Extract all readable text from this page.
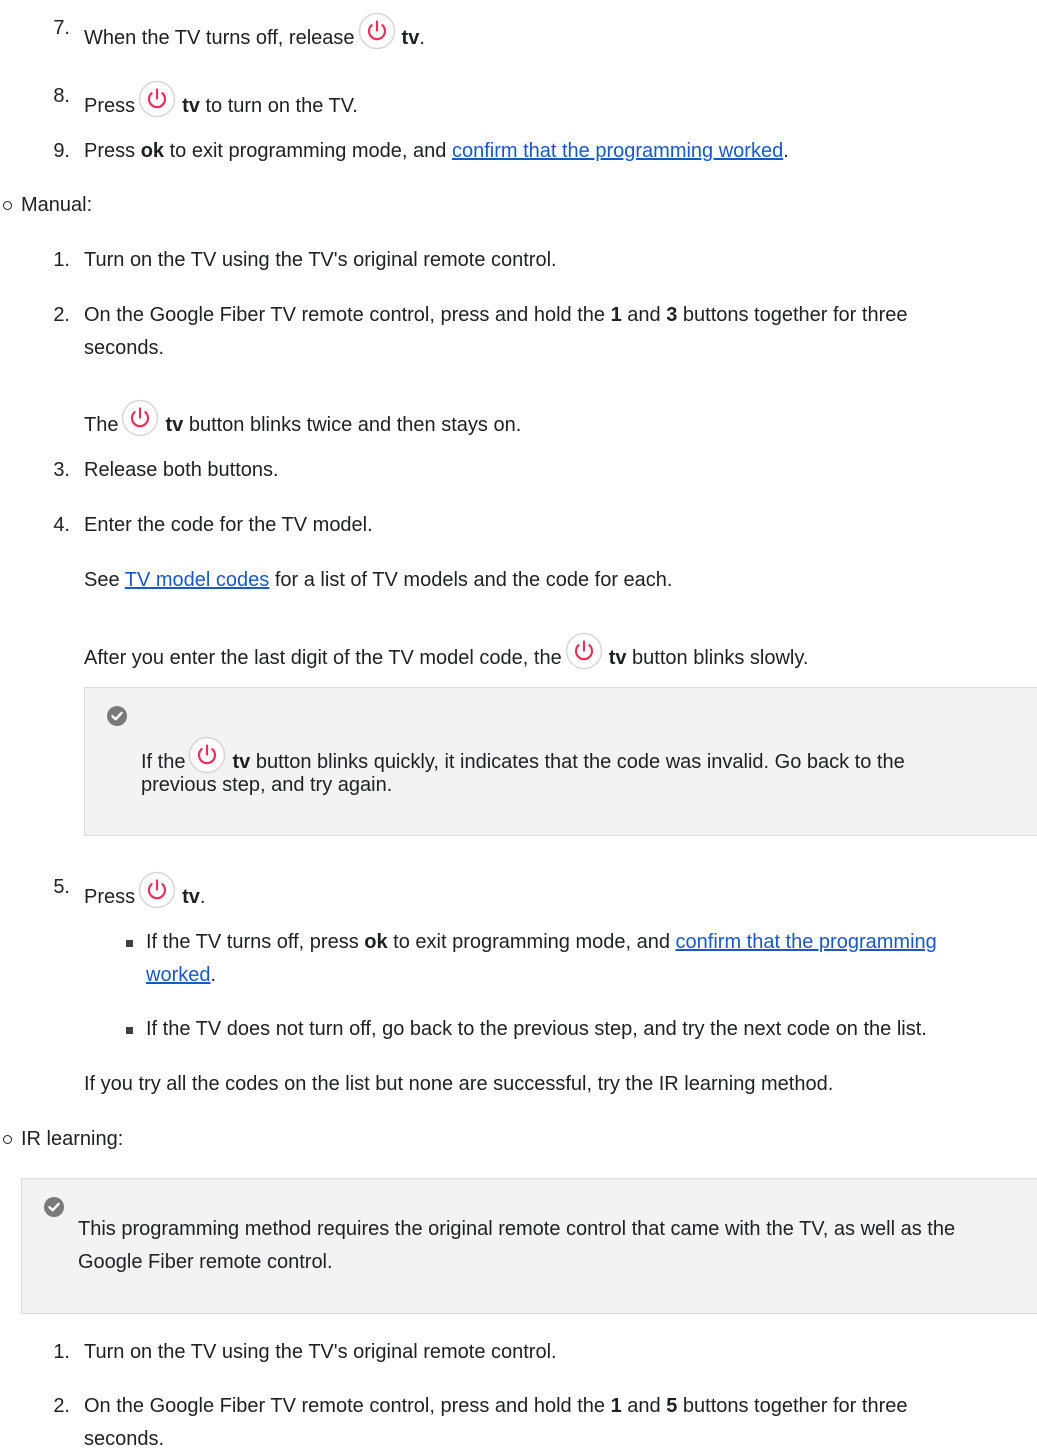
7. When the TV turns off, release tv.
8. Press tv to turn on the TV.
9. Press ok to exit programming mode, and confirm that the programming worked.
Manual:
1. Turn on the TV using the TV's original remote control.
2. On the Google Fiber TV remote control, press and hold the 1 and 3 buttons together for three
seconds.
The tv button blinks twice and then stays on.
3. Release both buttons.
4. Enter the code for the TV model.
See TV model codes for a list of TV models and the code for each.
After you enter the last digit of the TV model code, the tv button blinks slowly.
If the tv button blinks quickly, it indicates that the code was invalid. Go back to the
previous step, and try again.
5. Press tv.
If the TV turns off, press ok to exit programming mode, and confirm that the programming
worked.
If the TV does not turn off, go back to the previous step, and try the next code on the list.
If you try all the codes on the list but none are successful, try the IR learning method.
IR learning:
This programming method requires the original remote control that came with the TV, as well as the
Google Fiber remote control.
1. Turn on the TV using the TV's original remote control.
2. On the Google Fiber TV remote control, press and hold the 1 and 5 buttons together for three
seconds.
